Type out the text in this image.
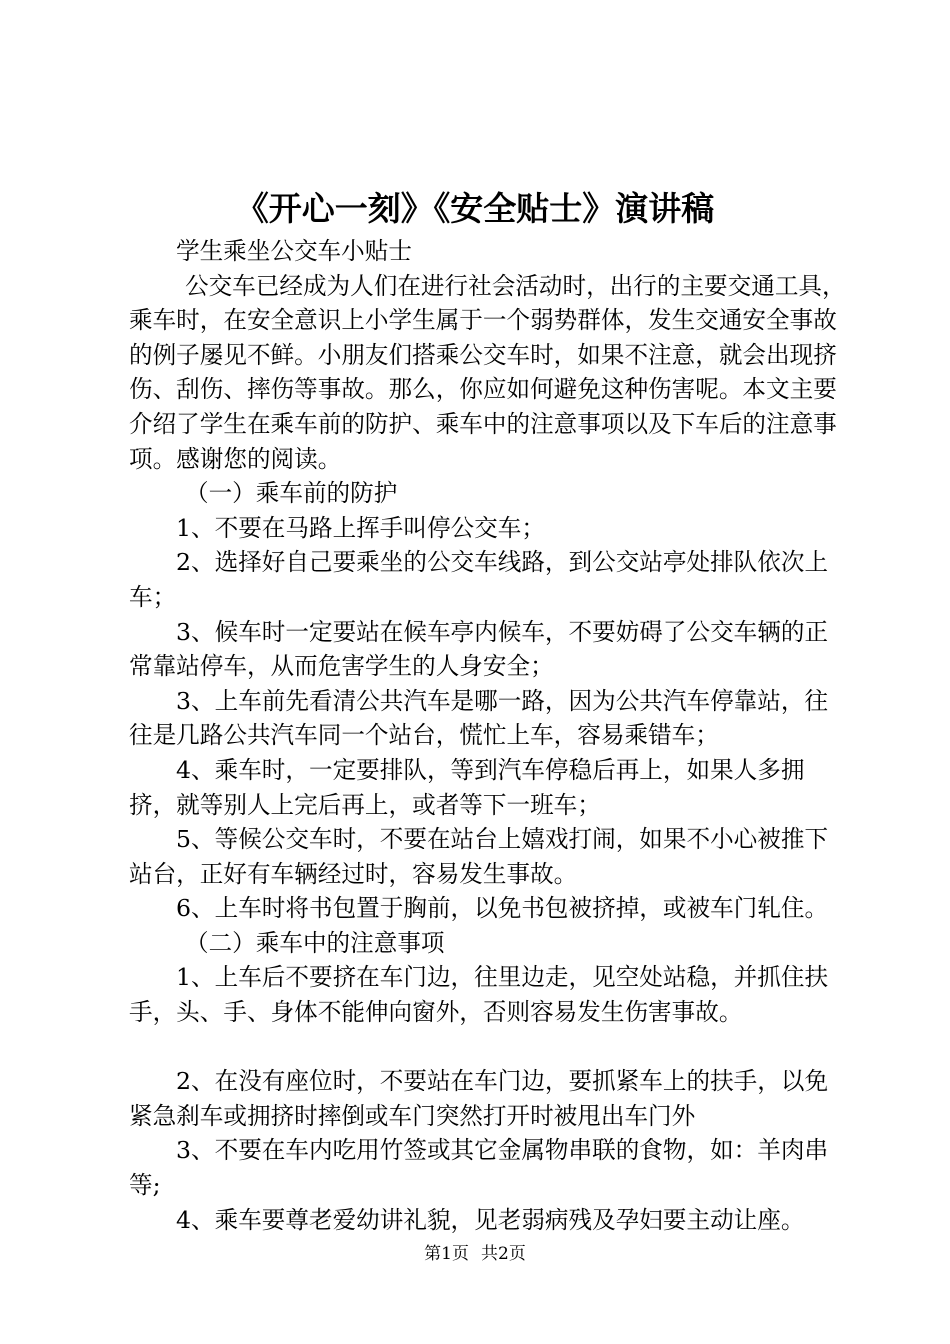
《开心一刻》《安全贴士》演讲稿

学生乘坐公交车小贴士

公交车已经成为人们在进行社会活动时，出行的主要交通工具，乘车时，在安全意识上小学生属于一个弱势群体，发生交通安全事故的例子屡见不鲜。小朋友们搭乘公交车时，如果不注意，就会出现挤伤、刮伤、摔伤等事故。那么，你应如何避免这种伤害呢。本文主要介绍了学生在乘车前的防护、乘车中的注意事项以及下车后的注意事项。感谢您的阅读。

（一）乘车前的防护

1、不要在马路上挥手叫停公交车；

2、选择好自己要乘坐的公交车线路，到公交站亭处排队依次上车；

3、候车时一定要站在候车亭内候车，不要妨碍了公交车辆的正常靠站停车，从而危害学生的人身安全；

3、上车前先看清公共汽车是哪一路，因为公共汽车停靠站，往往是几路公共汽车同一个站台，慌忙上车，容易乘错车；

4、乘车时，一定要排队，等到汽车停稳后再上，如果人多拥挤，就等别人上完后再上，或者等下一班车；

5、等候公交车时，不要在站台上嬉戏打闹，如果不小心被推下站台，正好有车辆经过时，容易发生事故。

6、上车时将书包置于胸前，以免书包被挤掉，或被车门轧住。

（二）乘车中的注意事项

1、上车后不要挤在车门边，往里边走，见空处站稳，并抓住扶手，头、手、身体不能伸向窗外，否则容易发生伤害事故。

2、在没有座位时，不要站在车门边，要抓紧车上的扶手，以免紧急刹车或拥挤时摔倒或车门突然打开时被甩出车门外

3、不要在车内吃用竹签或其它金属物串联的食物，如：羊肉串等;

4、乘车要尊老爱幼讲礼貌，见老弱病残及孕妇要主动让座。

第1页 共2页
